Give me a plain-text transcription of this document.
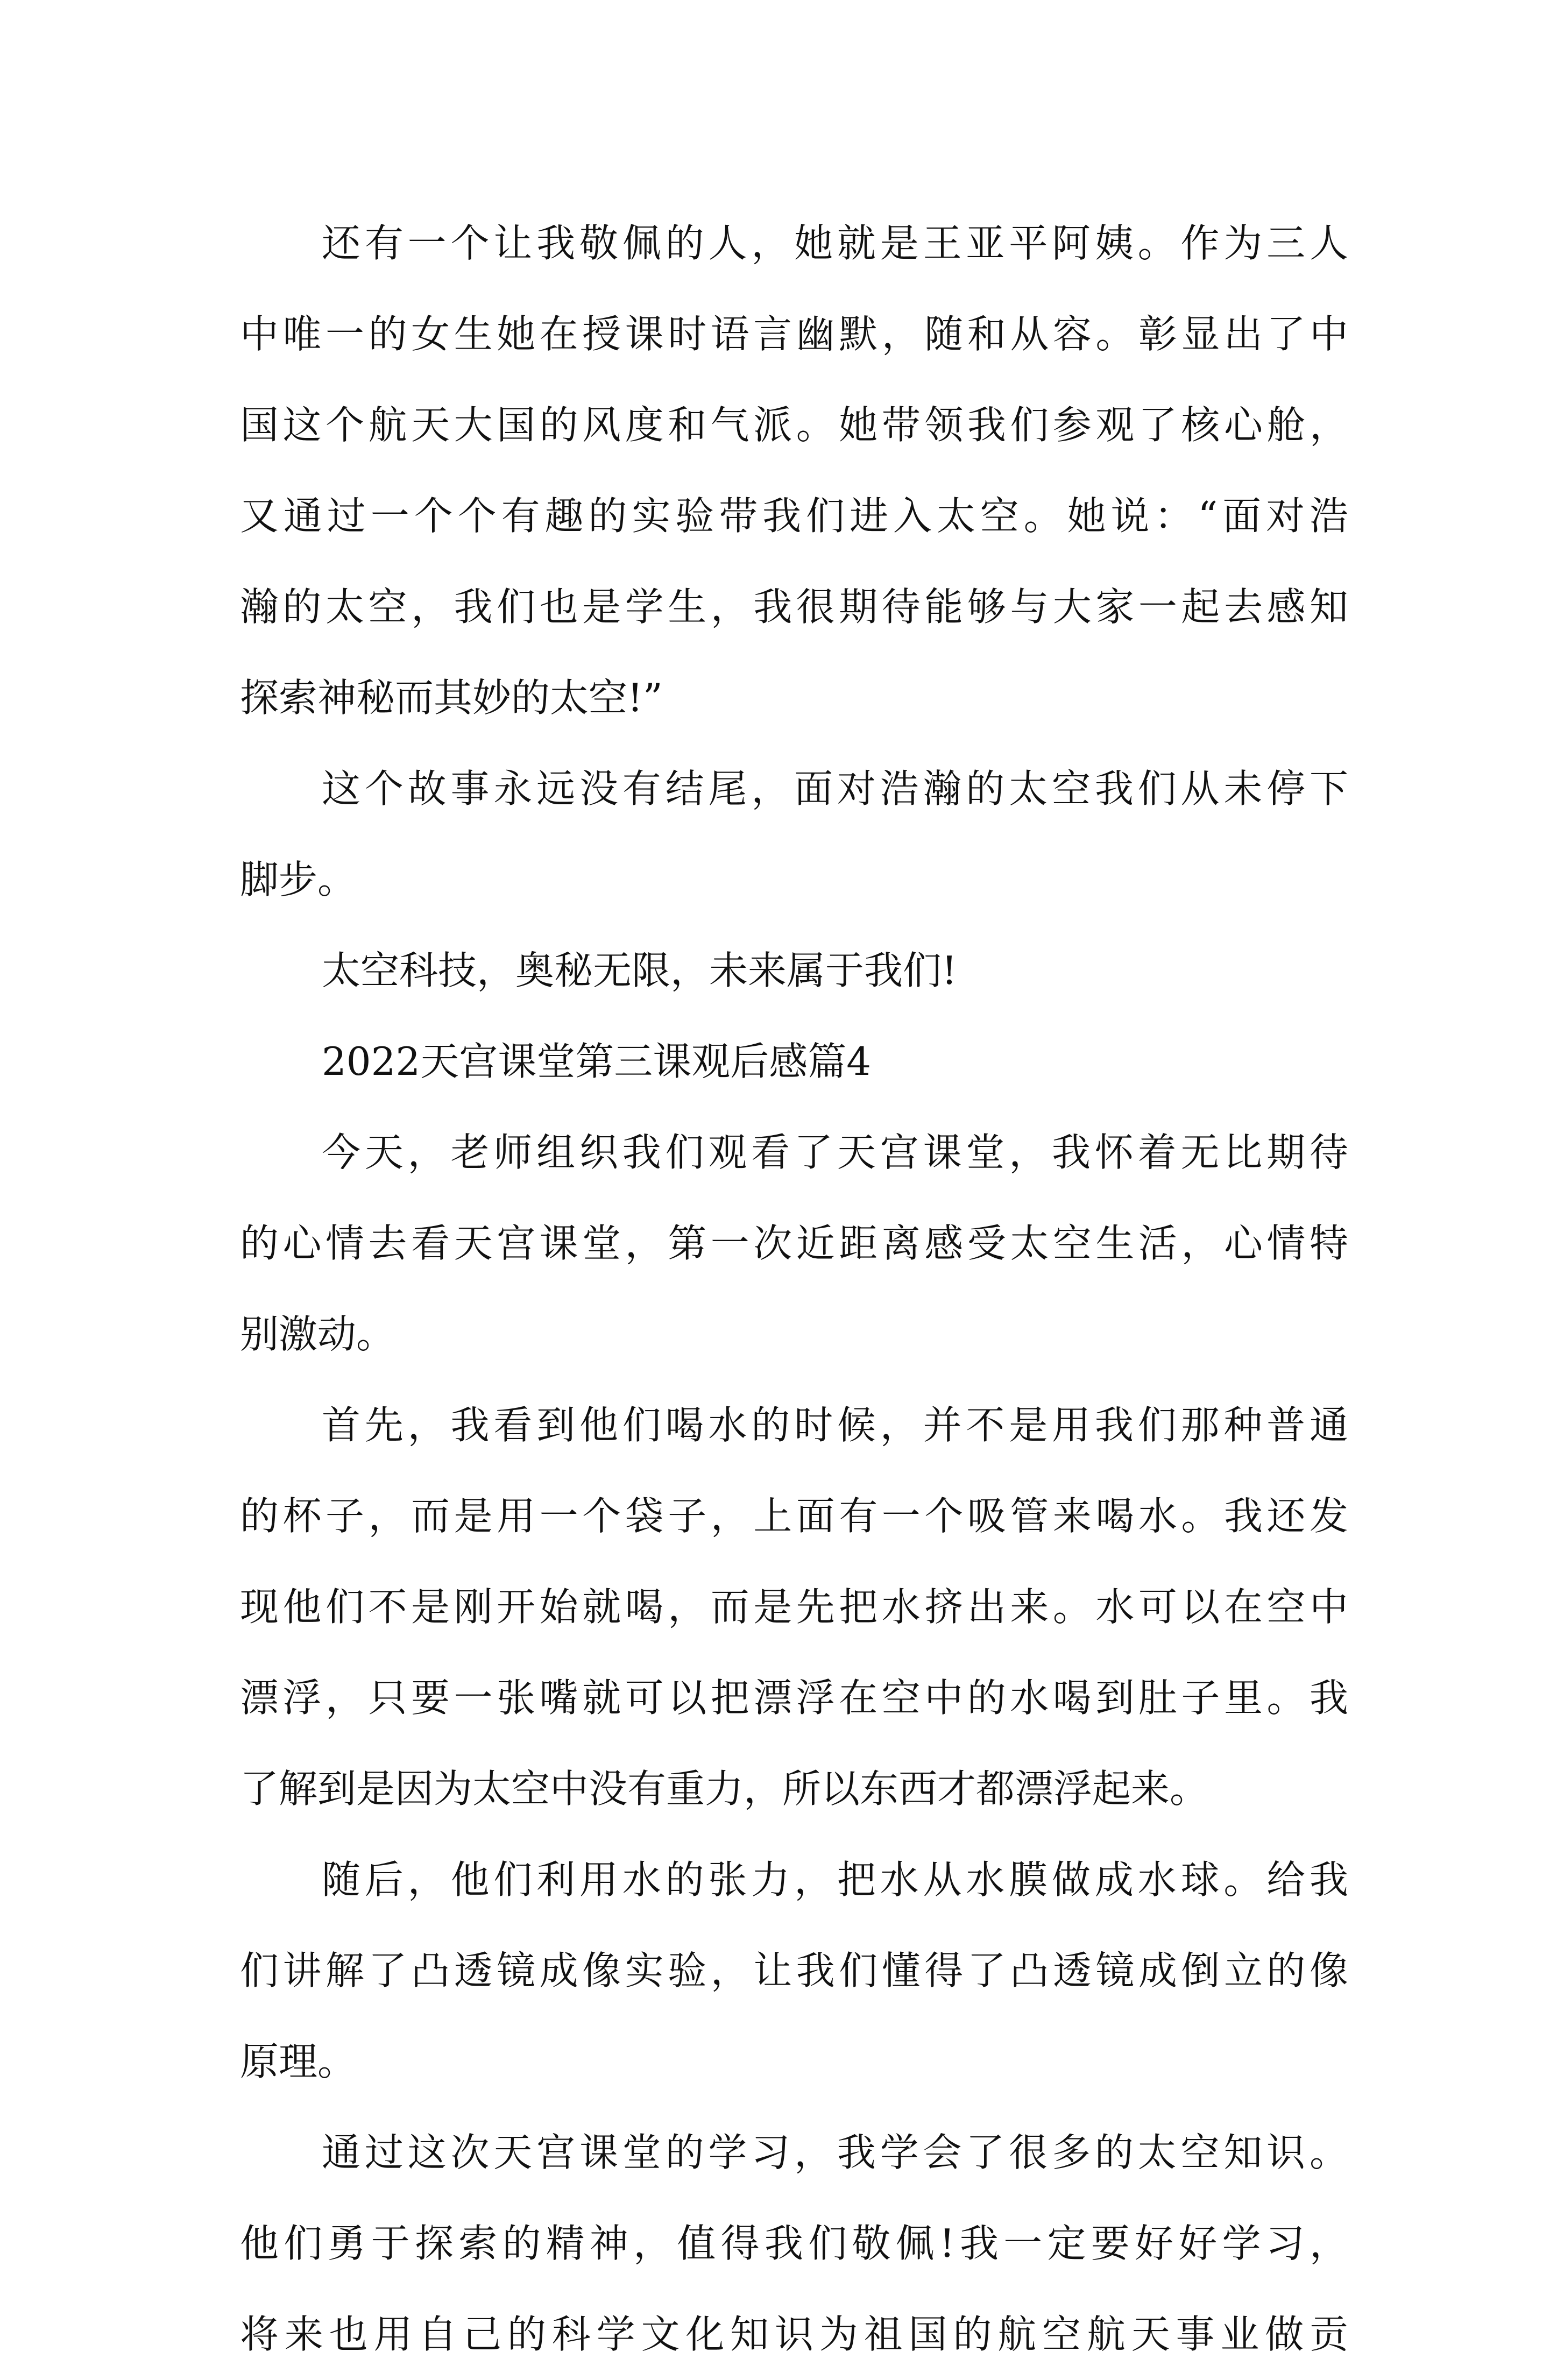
还有一个让我敬佩的人，她就是王亚平阿姨。作为三人
中唯一的女生她在授课时语言幽默，随和从容。彰显出了中
国这个航天大国的风度和气派。她带领我们参观了核心舱，
又通过一个个有趣的实验带我们进入太空。她说：“面对浩
瀚的太空，我们也是学生，我很期待能够与大家一起去感知
探索神秘而其妙的太空!”
这个故事永远没有结尾，面对浩瀚的太空我们从未停下
脚步。
太空科技，奥秘无限，未来属于我们!
2022天宫课堂第三课观后感篇4
今天，老师组织我们观看了天宫课堂，我怀着无比期待
的心情去看天宫课堂，第一次近距离感受太空生活，心情特
别激动。
首先，我看到他们喝水的时候，并不是用我们那种普通
的杯子，而是用一个袋子，上面有一个吸管来喝水。我还发
现他们不是刚开始就喝，而是先把水挤出来。水可以在空中
漂浮，只要一张嘴就可以把漂浮在空中的水喝到肚子里。我
了解到是因为太空中没有重力，所以东西才都漂浮起来。
随后，他们利用水的张力，把水从水膜做成水球。给我
们讲解了凸透镜成像实验，让我们懂得了凸透镜成倒立的像
原理。
通过这次天宫课堂的学习，我学会了很多的太空知识。
他们勇于探索的精神，值得我们敬佩!我一定要好好学习，
将来也用自己的科学文化知识为祖国的航空航天事业做贡
